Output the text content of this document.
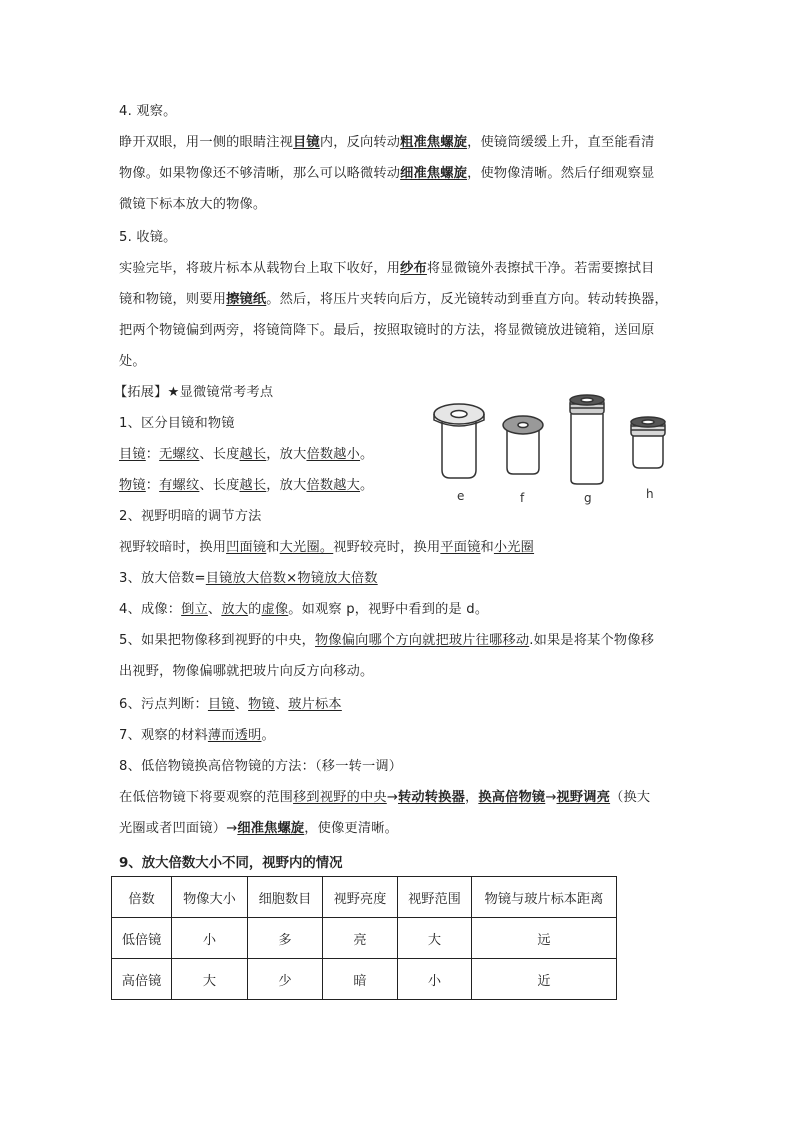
4. 观察。
睁开双眼，用一侧的眼睛注视目镜内，反向转动粗准焦螺旋，使镜筒缓缓上升，直至能看清
物像。如果物像还不够清晰，那么可以略微转动细准焦螺旋，使物像清晰。然后仔细观察显
微镜下标本放大的物像。
5. 收镜。
实验完毕，将玻片标本从载物台上取下收好，用纱布将显微镜外表擦拭干净。若需要擦拭目
镜和物镜，则要用擦镜纸。然后，将压片夹转向后方，反光镜转动到垂直方向。转动转换器，
把两个物镜偏到两旁，将镜筒降下。最后，按照取镜时的方法，将显微镜放进镜箱，送回原
处。
【拓展】★显微镜常考考点
1、区分目镜和物镜
目镜：无螺纹、长度越长，放大倍数越小。
物镜：有螺纹、长度越长，放大倍数越大。
e	f	g	h
2、视野明暗的调节方法
视野较暗时，换用凹面镜和大光圈。视野较亮时，换用平面镜和小光圈
3、放大倍数=目镜放大倍数×物镜放大倍数
4、成像：倒立、放大的虚像。如观察 p，视野中看到的是 d。
5、如果把物像移到视野的中央，物像偏向哪个方向就把玻片往哪移动.如果是将某个物像移
出视野，物像偏哪就把玻片向反方向移动。
6、污点判断：目镜、物镜、玻片标本
7、观察的材料薄而透明。
8、低倍物镜换高倍物镜的方法：（移一转一调）
在低倍物镜下将要观察的范围移到视野的中央→转动转换器，换高倍物镜→视野调亮（换大
光圈或者凹面镜）→细准焦螺旋，使像更清晰。
9、放大倍数大小不同，视野内的情况
倍数	物像大小	细胞数目	视野亮度	视野范围	物镜与玻片标本距离
低倍镜	小	多	亮	大	远
高倍镜	大	少	暗	小	近
